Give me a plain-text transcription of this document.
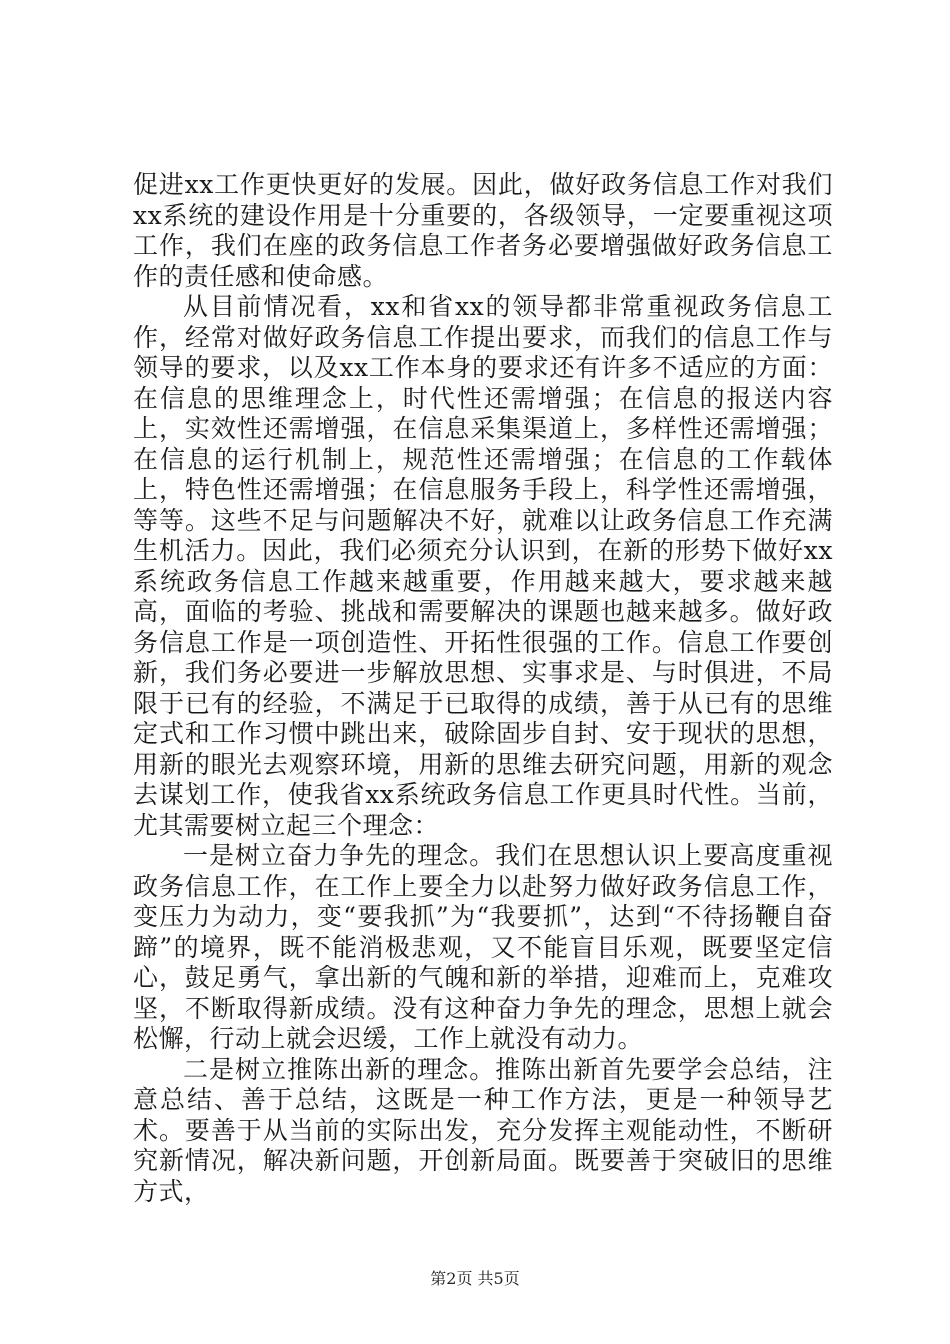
促进xx工作更快更好的发展。因此，做好政务信息工作对我们xx系统的建设作用是十分重要的，各级领导，一定要重视这项工作，我们在座的政务信息工作者务必要增强做好政务信息工作的责任感和使命感。

从目前情况看，xx和省xx的领导都非常重视政务信息工作，经常对做好政务信息工作提出要求，而我们的信息工作与领导的要求，以及xx工作本身的要求还有许多不适应的方面：在信息的思维理念上，时代性还需增强；在信息的报送内容上，实效性还需增强，在信息采集渠道上，多样性还需增强；在信息的运行机制上，规范性还需增强；在信息的工作载体上，特色性还需增强；在信息服务手段上，科学性还需增强，等等。这些不足与问题解决不好，就难以让政务信息工作充满生机活力。因此，我们必须充分认识到，在新的形势下做好xx系统政务信息工作越来越重要，作用越来越大，要求越来越高，面临的考验、挑战和需要解决的课题也越来越多。做好政务信息工作是一项创造性、开拓性很强的工作。信息工作要创新，我们务必要进一步解放思想、实事求是、与时俱进，不局限于已有的经验，不满足于已取得的成绩，善于从已有的思维定式和工作习惯中跳出来，破除固步自封、安于现状的思想，用新的眼光去观察环境，用新的思维去研究问题，用新的观念去谋划工作，使我省xx系统政务信息工作更具时代性。当前，尤其需要树立起三个理念：

一是树立奋力争先的理念。我们在思想认识上要高度重视政务信息工作，在工作上要全力以赴努力做好政务信息工作，变压力为动力，变“要我抓”为“我要抓”，达到“不待扬鞭自奋蹄”的境界，既不能消极悲观，又不能盲目乐观，既要坚定信心，鼓足勇气，拿出新的气魄和新的举措，迎难而上，克难攻坚，不断取得新成绩。没有这种奋力争先的理念，思想上就会松懈，行动上就会迟缓，工作上就没有动力。

二是树立推陈出新的理念。推陈出新首先要学会总结，注意总结、善于总结，这既是一种工作方法，更是一种领导艺术。要善于从当前的实际出发，充分发挥主观能动性，不断研究新情况，解决新问题，开创新局面。既要善于突破旧的思维方式，

第2页 共5页
